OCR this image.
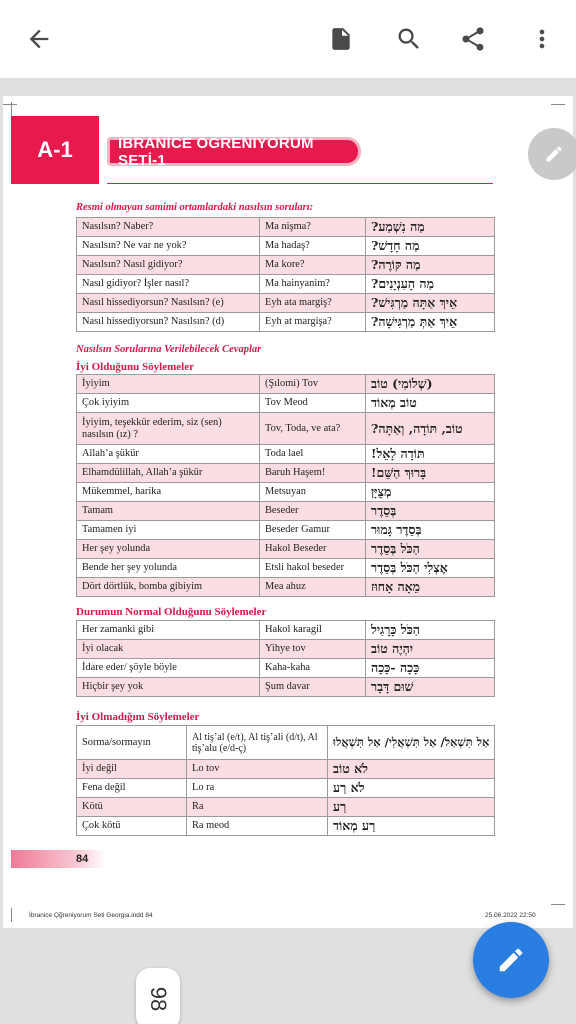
A-1	İBRANİCE ÖĞRENİYORUM SETİ-1
Resmi olmayan samimi ortamlardaki nasılsın soruları:
Nasılsın? Naber?	Ma nişma?	מַה נִשְׁמַע?
Nasılsın? Ne var ne yok?	Ma hadaş?	מַה חָדָשׁ?
Nasılsın? Nasıl gidiyor?	Ma kore?	מַה קּוֹרֶה?
Nasıl gidiyor? İşler nasıl?	Ma hainyanim?	מַה הָעִנְיָנִים?
Nasıl hissediyorsun? Nasılsın? (e)	Eyh ata margiş?	אֵיךְ אַתָּה מַרְגִּישׁ?
Nasıl hissediyorsun? Nasılsın? (d)	Eyh at margişa?	אֵיךְ אַתְּ מַרְגִּישָׁה?
Nasılsın Sorularına Verilebilecek Cevaplar
İyi Olduğunu Söylemeler
İyiyim	(Şılomi) Tov	(שְׁלוֹמִי) טוֹב
Çok iyiyim	Tov Meod	טוֹב מְאוֹד
İyiyim, teşekkür ederim, siz (sen) nasılsın (ız) ?	Tov, Toda, ve ata?	טוֹב, תּוֹדָה, וְאַתָּה?
Allah’a şükür	Toda lael	תּוֹדָה לָאֵל!
Elhamdülillah, Allah’a şükür	Baruh Haşem!	בָּרוּךְ הַשֵּׁם!
Mükemmel, harika	Metsuyan	מְצֻיָּן
Tamam	Beseder	בְּסֵדֶר
Tamamen iyi	Beseder Gamur	בְּסֵדֶר גָּמוּר
Her şey yolunda	Hakol Beseder	הַכֹּל בְּסֵדֶר
Bende her şey yolunda	Etsli hakol beseder	אֶצְלִי הַכֹּל בְּסֵדֶר
Dört dörtlük, bomba gibiyim	Mea ahuz	מֵאָה אָחוּז
Durumun Normal Olduğunu Söylemeler
Her zamanki gibi	Hakol karagil	הַכֹּל כָּרָגִיל
İyi olacak	Yihye tov	יִהְיֶה טוֹב
İdare eder/ şöyle böyle	Kaha-kaha	כָּכָה -כָּכָה
Hiçbir şey yok	Şum davar	שׁוּם דָּבָר
İyi Olmadığını Söylemeler
Sorma/sormayın	Al tiş’al (e/t), Al tiş’ali (d/t), Al tiş’alu (e/d-ç)	אַל תִּשְׁאַל/ אַל תִּשְׁאֲלִי/ אַל תִּשְׁאֲלוּ
İyi değil	Lo tov	לֹא טוֹב
Fena değil	Lo ra	לֹא רַע
Kötü	Ra	רַע
Çok kötü	Ra meod	רַע מְאוֹד
84
İbranice O̧g̃reniyorum Seti Georgia.indd 84	25.06.2022 22:50
98
